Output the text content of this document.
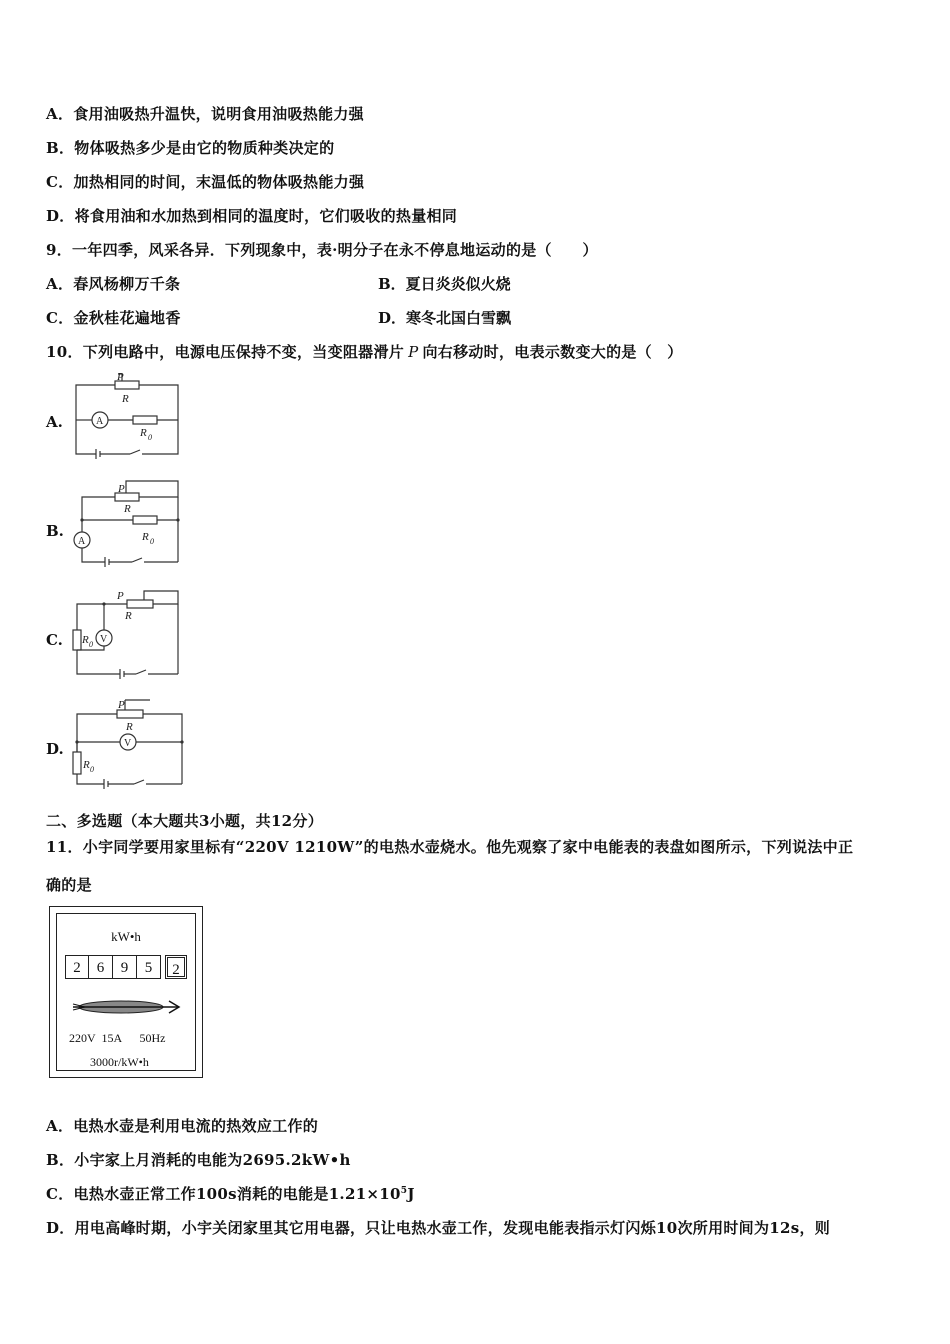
A．食用油吸热升温快，说明食用油吸热能力强
B．物体吸热多少是由它的物质种类决定的
C．加热相同的时间，末温低的物体吸热能力强
D．将食用油和水加热到相同的温度时，它们吸收的热量相同
9．一年四季，风采各异．下列现象中，表·明分子在永不停息地运动的是（　　）
A．春风杨柳万千条	B．夏日炎炎似火烧
C．金秋桂花遍地香	D．寒冬北国白雪飘
10．下列电路中，电源电压保持不变，当变阻器滑片 P 向右移动时，电表示数变大的是（　）
A.
P
R
A
R 0
B.
P
R
A	R 0
C.
P
R
V
R 0
D.
P
R
V
R 0
二、多选题（本大题共3小题，共12分）
11．小宇同学要用家里标有“220V 1210W”的电热水壶烧水。他先观察了家中电能表的表盘如图所示，下列说法中正
确的是
kW•h
2	6	9	5	2
220V  15A      50Hz
3000r/kW•h
A．电热水壶是利用电流的热效应工作的
B．小宇家上月消耗的电能为2695.2kW•h
C．电热水壶正常工作100s消耗的电能是$1.21\times 10^5J$
D．用电高峰时期，小宇关闭家里其它用电器，只让电热水壶工作，发现电能表指示灯闪烁10次所用时间为12s，则
